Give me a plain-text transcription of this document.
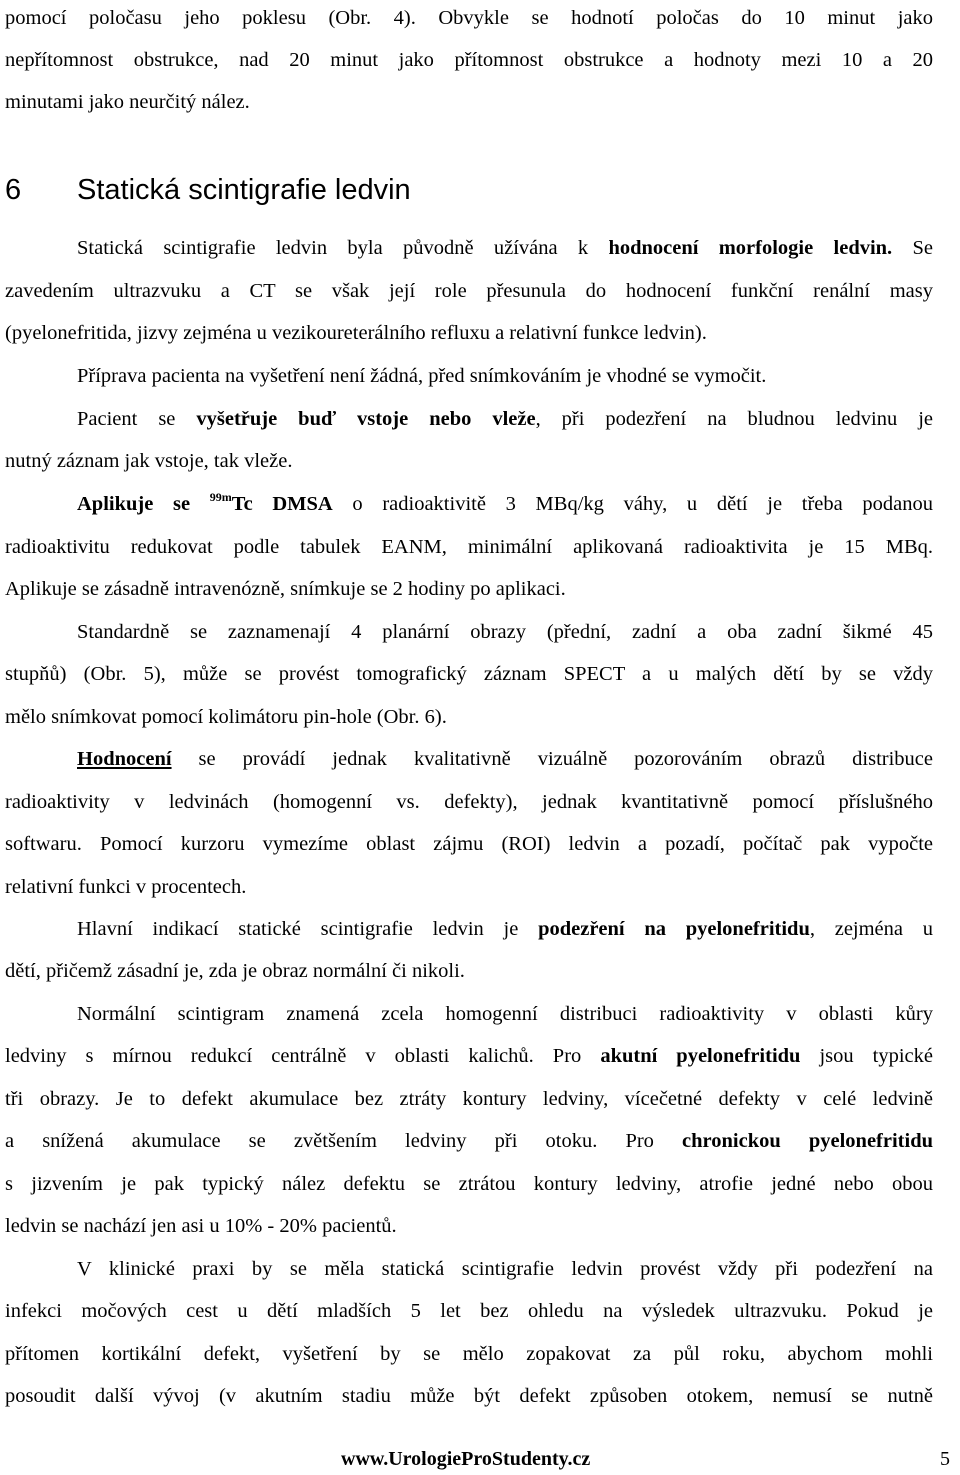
pomocí poločasu jeho poklesu (Obr. 4). Obvykle se hodnotí poločas do 10 minut jako
nepřítomnost obstrukce, nad 20 minut jako přítomnost obstrukce a hodnoty mezi 10 a 20
minutami jako neurčitý nález.
6 Statická scintigrafie ledvin
Statická scintigrafie ledvin byla původně užívána k hodnocení morfologie ledvin. Se
zavedením ultrazvuku a CT se však její role přesunula do hodnocení funkční renální masy
(pyelonefritida, jizvy zejména u vezikoureterálního refluxu a relativní funkce ledvin).
Příprava pacienta na vyšetření není žádná, před snímkováním je vhodné se vymočit.
Pacient se vyšetřuje buď vstoje nebo vleže, při podezření na bludnou ledvinu je
nutný záznam jak vstoje, tak vleže.
Aplikuje se $^{99m}$Tc DMSA o radioaktivitě 3 MBq/kg váhy, u dětí je třeba podanou
radioaktivitu redukovat podle tabulek EANM, minimální aplikovaná radioaktivita je 15 MBq.
Aplikuje se zásadně intravenózně, snímkuje se 2 hodiny po aplikaci.
Standardně se zaznamenají 4 planární obrazy (přední, zadní a oba zadní šikmé 45
stupňů) (Obr. 5), může se provést tomografický záznam SPECT a u malých dětí by se vždy
mělo snímkovat pomocí kolimátoru pin-hole (Obr. 6).
Hodnocení se provádí jednak kvalitativně vizuálně pozorováním obrazů distribuce
radioaktivity v ledvinách (homogenní vs. defekty), jednak kvantitativně pomocí příslušného
softwaru. Pomocí kurzoru vymezíme oblast zájmu (ROI) ledvin a pozadí, počítač pak vypočte
relativní funkci v procentech.
Hlavní indikací statické scintigrafie ledvin je podezření na pyelonefritidu, zejména u
dětí, přičemž zásadní je, zda je obraz normální či nikoli.
Normální scintigram znamená zcela homogenní distribuci radioaktivity v oblasti kůry
ledviny s mírnou redukcí centrálně v oblasti kalichů. Pro akutní pyelonefritidu jsou typické
tři obrazy. Je to defekt akumulace bez ztráty kontury ledviny, vícečetné defekty v celé ledvině
a snížená akumulace se zvětšením ledviny při otoku. Pro chronickou pyelonefritidu
s jizvením je pak typický nález defektu se ztrátou kontury ledviny, atrofie jedné nebo obou
ledvin se nachází jen asi u 10% - 20% pacientů.
V klinické praxi by se měla statická scintigrafie ledvin provést vždy při podezření na
infekci močových cest u dětí mladších 5 let bez ohledu na výsledek ultrazvuku. Pokud je
přítomen kortikální defekt, vyšetření by se mělo zopakovat za půl roku, abychom mohli
posoudit další vývoj (v akutním stadiu může být defekt způsoben otokem, nemusí se nutně
www.UrologieProStudenty.cz	5
